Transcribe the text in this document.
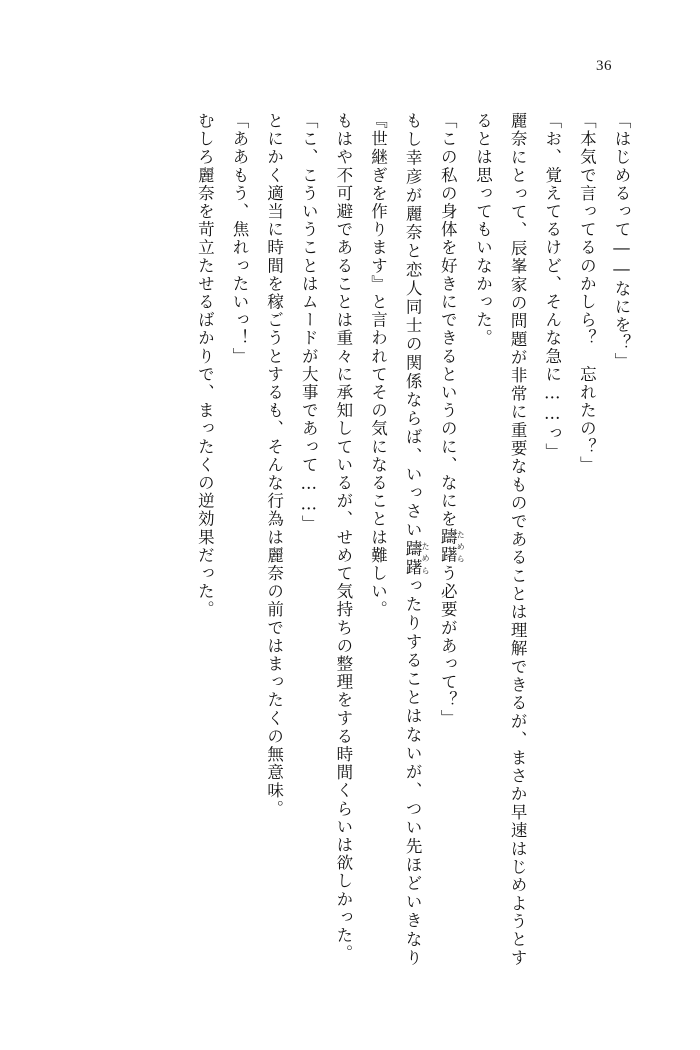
36

「はじめるって――なにを？」

「本気で言ってるのかしら？　忘れたの？」

「お、覚えてるけど、そんな急に……っ」

麗奈にとって、辰峯家の問題が非常に重要なものであることは理解できるが、まさか早速はじめようとするとは思ってもいなかった。

「この私の身体を好きにできるというのに、なにを躊躇 ためらう必要があって？」

もし幸彦が麗奈と恋人同士の関係ならば、いっさい躊躇 ためらったりすることはないが、つい先ほどいきなり『世継ぎを作ります』と言われてその気になることは難しい。

もはや不可避であることは重々に承知しているが、せめて気持ちの整理をする時間くらいは欲しかった。

「こ、こういうことはムードが大事であって……」

とにかく適当に時間を稼ごうとするも、そんな行為は麗奈の前ではまったくの無意味。

「ああもう、焦れったいっ！」

むしろ麗奈を苛立たせるばかりで、まったくの逆効果だった。
